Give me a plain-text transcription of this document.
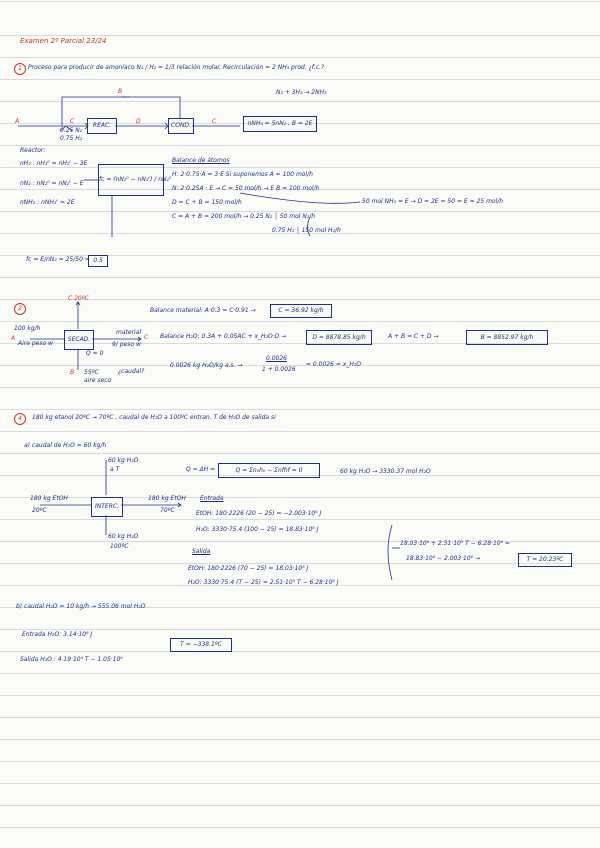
Examen 2º Parcial 23/24
1	Proceso para producir de amoníaco N₂ / H₂ = 1/3 relación molar. Recirculación = 2 NH₃ prod. ¿f.c.?
N₂ + 3H₂ → 2NH₃
A
B
C	D	C
0.25 N₂
0.75 H₂
REAC.	COND.	nNH₃ = 5nN₂ , B = 2E
Reactor:
nH₂ : nH₂⁰ = nH₂ᶠ − 3E
nN₂ : nN₂⁰ = nN₂ᶠ − E
nNH₃ : nNH₃ᶠ = 2E
fc = (nN₂⁰ − nN₂ᶠ) / nN₂⁰
Balance de átomos
H: 2·0.75·A = 3·E Si suponemos A = 100 mol/h
N: 2·0.25A · E → C = 50 mol/h → E B = 100 mol/h
D = C + B = 150 mol/h
C = A + B = 200 mol/h → 0.25 N₂ │ 50 mol N₂/h
0.75 H₂ │ 150 mol H₂/h
50 mol NH₃ = E → D = 2E = 50 = E = 25 mol/h
fc = E/nN₂ = 25/50 = 0.5
2
C 20ºC
100 kg/h
A
Aire peso w
SECAD.
Q = 0
material
9/ peso w
C
B 55ºC
aire seco
¿caudal?
Balance material: A·0.3 = C·0.91 →	C = 36.92 kg/h
Balance H₂O: 0.3A + 0.05AC + x_H₂O·D →	D = 8878.85 kg/h	A + B = C + D →	B = 8852.97 kg/h
0.0026 kg H₂O/kg a.s. →
0.0026
1 + 0.0026
= 0.0026 = x_H₂O
4	180 kg etanol 20ºC → 70ºC , caudal de H₂O a 100ºC entran. T de H₂O de salida si
a) caudal de H₂O = 60 kg/h
60 kg H₂O
a T	Q = ΔH =	Q = Σn₀h₀ − Σnfhf = 0	60 kg H₂O → 3330.37 mol H₂O
180 kg EtOH
20ºC
INTERC.
180 kg EtOH
70ºC
60 kg H₂O
100ºC
Entrada
EtOH: 180·2226 (20 − 25) = −2.003·10⁶ J
H₂O: 3330·75.4 (100 − 25) = 18.83·10⁶ J
Salida
EtOH: 180·2226 (70 − 25) = 18.03·10⁶ J
H₂O: 3330·75.4 (T − 25) = 2.51·10⁵ T − 6.28·10⁶ J
18.03·10⁶ + 2.51·10⁵ T − 6.28·10⁶ =
18.83·10⁶ − 2.003·10⁶ →	T = 20.23ºC
b) caudal H₂O = 10 kg/h → 555.06 mol H₂O
Entrada H₂O: 3.14·10⁶ J
Salida H₂O : 4.19·10⁴ T − 1.05·10⁶
T = −338.1ºC
